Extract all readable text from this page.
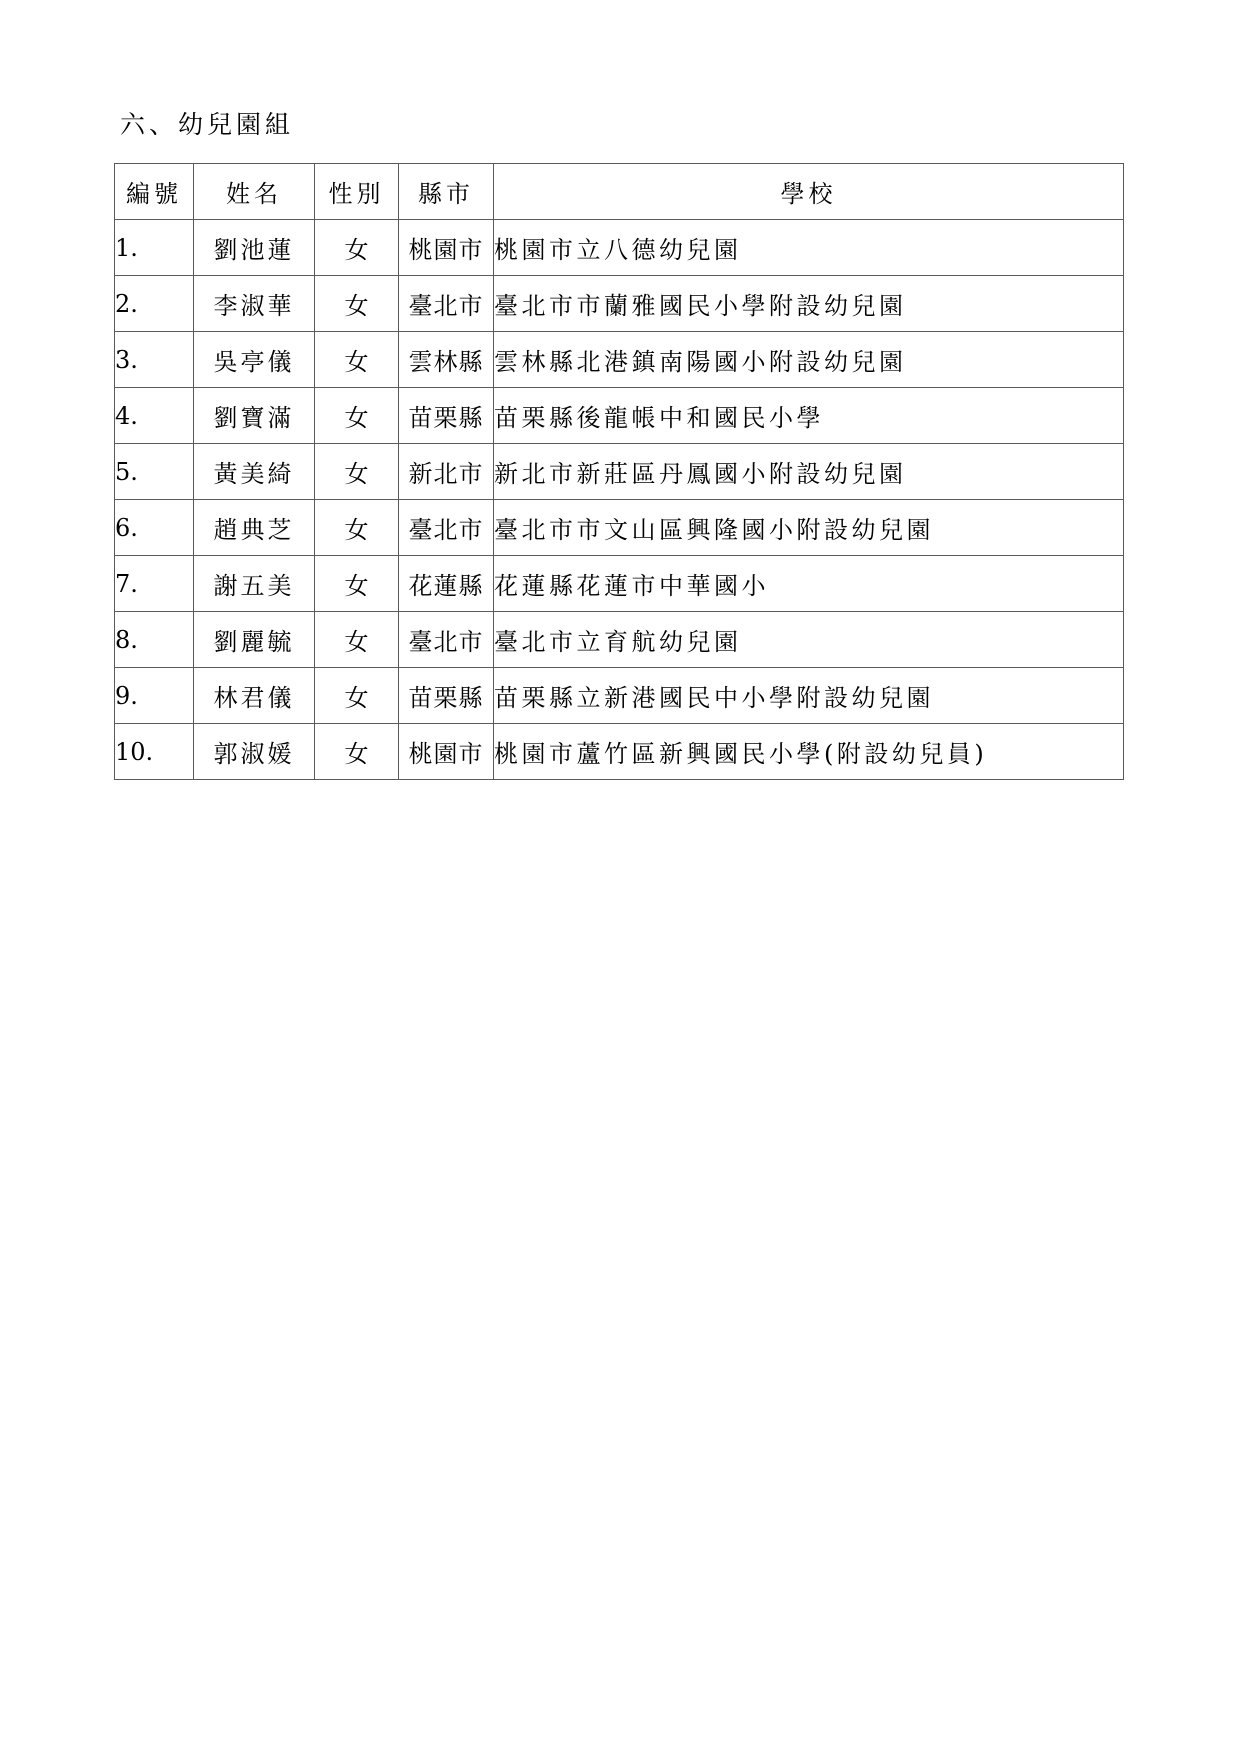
六、幼兒園組
編號	姓名	性別	縣市	學校
1.	劉池蓮	女	桃園市	桃園市立八德幼兒園
2.	李淑華	女	臺北市	臺北市市蘭雅國民小學附設幼兒園
3.	吳亭儀	女	雲林縣	雲林縣北港鎮南陽國小附設幼兒園
4.	劉寶滿	女	苗栗縣	苗栗縣後龍帳中和國民小學
5.	黃美綺	女	新北市	新北市新莊區丹鳳國小附設幼兒園
6.	趙典芝	女	臺北市	臺北市市文山區興隆國小附設幼兒園
7.	謝五美	女	花蓮縣	花蓮縣花蓮市中華國小
8.	劉麗毓	女	臺北市	臺北市立育航幼兒園
9.	林君儀	女	苗栗縣	苗栗縣立新港國民中小學附設幼兒園
10.	郭淑媛	女	桃園市	桃園市蘆竹區新興國民小學(附設幼兒員)
